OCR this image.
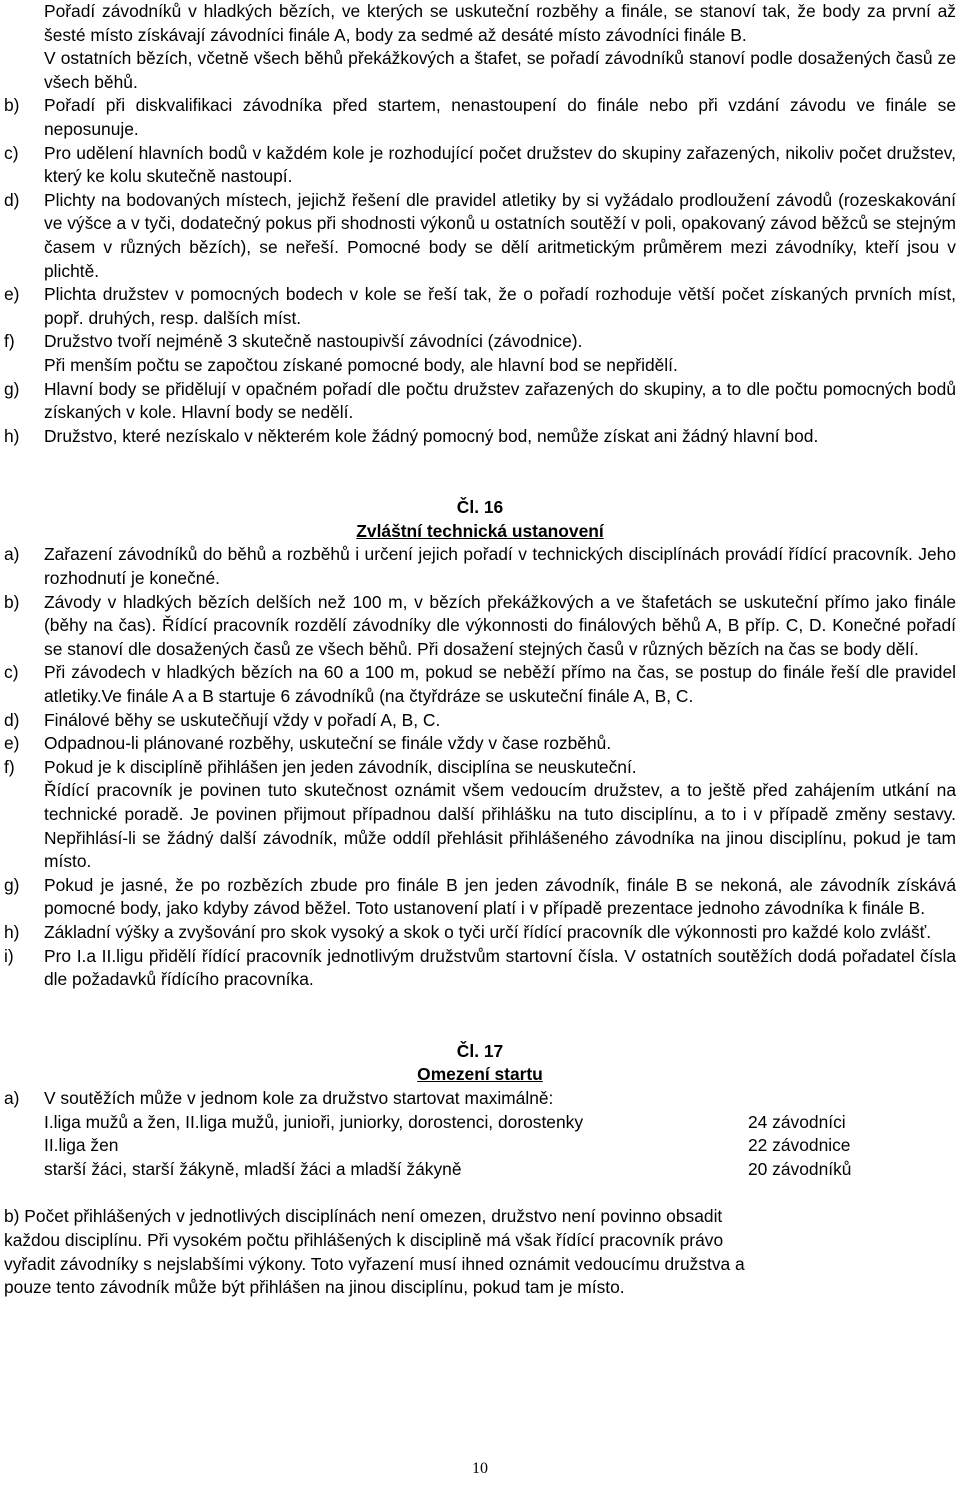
Pořadí závodníků v hladkých bězích, ve kterých se uskuteční rozběhy a finále, se stanoví tak, že body za první až šesté místo získávají závodníci finále A, body za sedmé až desáté místo závodníci finále B.

V ostatních bězích, včetně všech běhů překážkových a štafet, se pořadí závodníků stanoví podle dosažených časů ze všech běhů.

b)	Pořadí při diskvalifikaci závodníka před startem, nenastoupení do finále nebo při vzdání závodu ve finále se neposunuje.

c)	Pro udělení hlavních bodů v každém kole je rozhodující počet družstev do skupiny zařazených, nikoliv počet družstev, který ke kolu skutečně nastoupí.

d)	Plichty na bodovaných místech, jejichž řešení dle pravidel atletiky by si vyžádalo prodloužení závodů (rozeskakování ve výšce a v tyči, dodatečný pokus při shodnosti výkonů u ostatních soutěží v poli, opakovaný závod běžců se stejným časem v různých bězích), se neřeší. Pomocné body se dělí aritmetickým průměrem mezi závodníky, kteří jsou v plichtě.

e)	Plichta družstev v pomocných bodech v kole se řeší tak, že o pořadí rozhoduje větší počet získaných prvních míst, popř. druhých, resp. dalších míst.

f)	Družstvo tvoří nejméně 3 skutečně nastoupivší závodníci (závodnice).

Při menším počtu se započtou získané pomocné body, ale hlavní bod se nepřidělí.

g)	Hlavní body se přidělují v opačném pořadí dle počtu družstev zařazených do skupiny, a to dle počtu pomocných bodů získaných v kole. Hlavní body se nedělí.

h)	Družstvo, které nezískalo v některém kole žádný pomocný bod, nemůže získat ani žádný hlavní bod.

Čl. 16

Zvláštní technická ustanovení

a)	Zařazení závodníků do běhů a rozběhů i určení jejich pořadí v technických disciplínách provádí řídící pracovník. Jeho rozhodnutí je konečné.

b)	Závody v hladkých bězích delších než 100 m, v bězích překážkových a ve štafetách se uskuteční přímo jako finále (běhy na čas). Řídící pracovník rozdělí závodníky dle výkonnosti do finálových běhů A, B příp. C, D. Konečné pořadí se stanoví dle dosažených časů ze všech běhů. Při dosažení stejných časů v různých bězích na čas se body dělí.

c)	Při závodech v hladkých bězích na 60 a 100 m, pokud se neběží přímo na čas, se postup do finále řeší dle pravidel atletiky.Ve finále A a B startuje 6 závodníků (na čtyřdráze se uskuteční finále A, B, C.

d)	Finálové běhy se uskutečňují vždy v pořadí A, B, C.

e)	Odpadnou-li plánované rozběhy, uskuteční se finále vždy v čase rozběhů.

f)	Pokud je k disciplíně přihlášen jen jeden závodník, disciplína se neuskuteční.

Řídící pracovník je povinen tuto skutečnost oznámit všem vedoucím družstev, a to ještě před zahájením utkání na technické poradě. Je povinen přijmout případnou další přihlášku na tuto disciplínu, a to i v případě změny sestavy. Nepřihlásí-li se žádný další závodník, může oddíl přehlásit přihlášeného závodníka na jinou disciplínu, pokud je tam místo.

g)	Pokud je jasné, že po rozbězích zbude pro finále B jen jeden závodník, finále B se nekoná, ale závodník získává pomocné body, jako kdyby závod běžel. Toto ustanovení platí i v případě prezentace jednoho závodníka k finále B.

h)	Základní výšky a zvyšování pro skok vysoký a skok o tyči určí řídící pracovník dle výkonnosti pro každé kolo zvlášť.

i)	Pro I.a II.ligu přidělí řídící pracovník jednotlivým družstvům startovní čísla. V ostatních soutěžích dodá pořadatel čísla dle požadavků řídícího pracovníka.

Čl. 17

Omezení startu

a)	V soutěžích může v jednom kole za družstvo startovat maximálně:

I.liga mužů a žen, II.liga mužů, junioři, juniorky, dorostenci, dorostenky	24 závodníci
II.liga žen	22 závodnice
starší žáci, starší žákyně, mladší žáci a mladší žákyně	20 závodníků

b) Počet přihlášených v jednotlivých disciplínách není omezen, družstvo není povinno obsadit

každou disciplínu. Při vysokém počtu přihlášených k disciplině má však řídící pracovník právo

vyřadit závodníky s nejslabšími výkony. Toto vyřazení musí ihned oznámit vedoucímu družstva a

pouze tento závodník může být přihlášen na jinou disciplínu, pokud tam je místo.

10
